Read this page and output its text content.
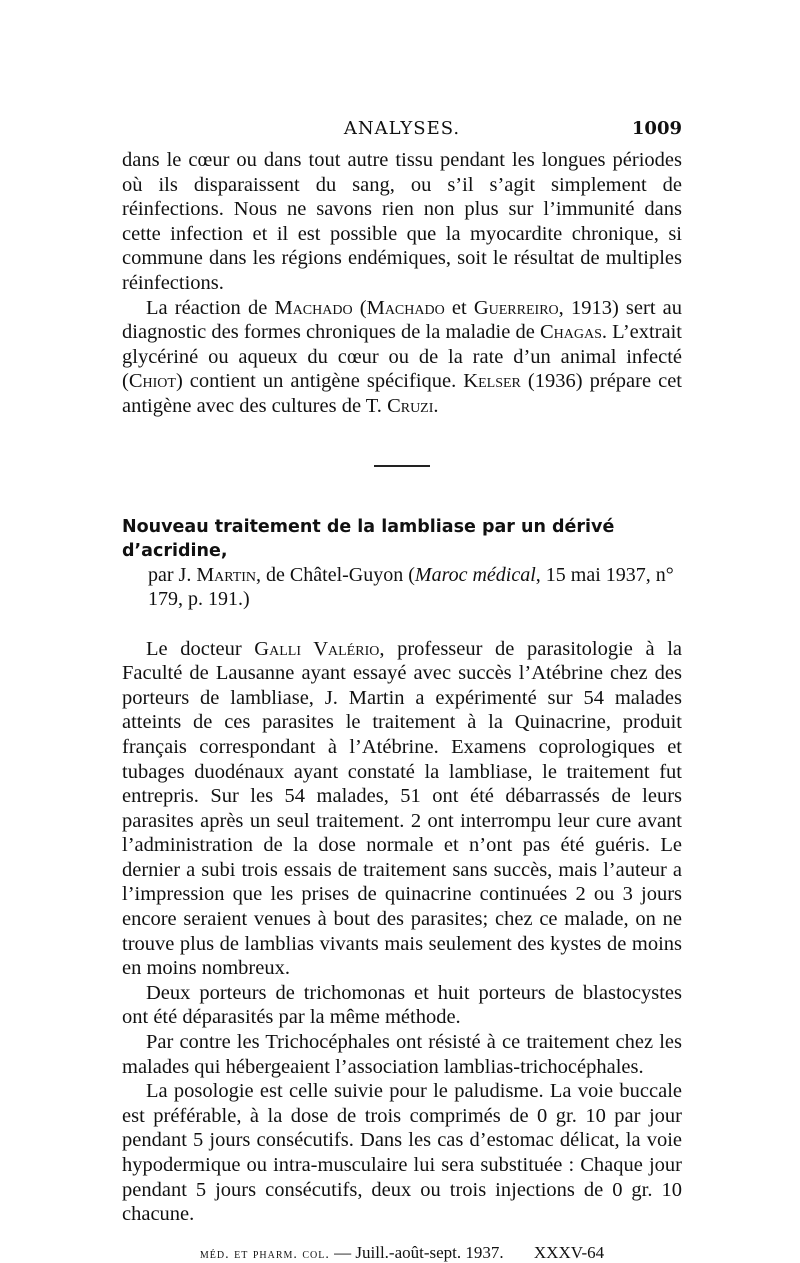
ANALYSES.	1009

dans le cœur ou dans tout autre tissu pendant les longues périodes où ils disparaissent du sang, ou s’il s’agit simplement de réinfections. Nous ne savons rien non plus sur l’immunité dans cette infection et il est possible que la myocardite chronique, si commune dans les régions endémiques, soit le résultat de multiples réinfections.

La réaction de Machado (Machado et Guerreiro, 1913) sert au diagnostic des formes chroniques de la maladie de Chagas. L’extrait glycériné ou aqueux du cœur ou de la rate d’un animal infecté (Chiot) contient un antigène spécifique. Kelser (1936) prépare cet antigène avec des cultures de T. Cruzi.

Nouveau traitement de la lambliase par un dérivé d’acridine,
par J. Martin, de Châtel-Guyon (Maroc médical, 15 mai 1937, n° 179, p. 191.)

Le docteur Galli Valério, professeur de parasitologie à la Faculté de Lausanne ayant essayé avec succès l’Atébrine chez des porteurs de lambliase, J. Martin a expérimenté sur 54 malades atteints de ces parasites le traitement à la Quinacrine, produit français correspondant à l’Atébrine. Examens coprologiques et tubages duodénaux ayant constaté la lambliase, le traitement fut entrepris. Sur les 54 malades, 51 ont été débarrassés de leurs parasites après un seul traitement. 2 ont interrompu leur cure avant l’administration de la dose normale et n’ont pas été guéris. Le dernier a subi trois essais de traitement sans succès, mais l’auteur a l’impression que les prises de quinacrine continuées 2 ou 3 jours encore seraient venues à bout des parasites; chez ce malade, on ne trouve plus de lamblias vivants mais seulement des kystes de moins en moins nombreux.

Deux porteurs de trichomonas et huit porteurs de blastocystes ont été déparasités par la même méthode.

Par contre les Trichocéphales ont résisté à ce traitement chez les malades qui hébergeaient l’association lamblias-trichocéphales.

La posologie est celle suivie pour le paludisme. La voie buccale est préférable, à la dose de trois comprimés de 0 gr. 10 par jour pendant 5 jours consécutifs. Dans les cas d’estomac délicat, la voie hypodermique ou intra-musculaire lui sera substituée : Chaque jour pendant 5 jours consécutifs, deux ou trois injections de 0 gr. 10 chacune.

méd. et pharm. col. — Juill.-août-sept. 1937. XXXV-64
